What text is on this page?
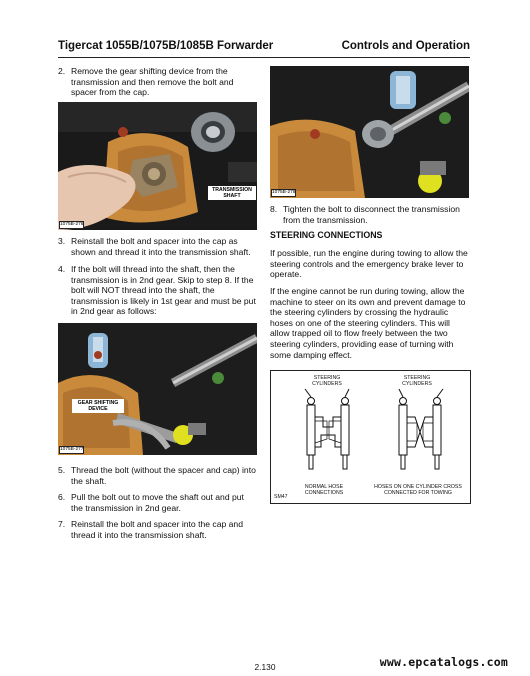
Tigercat 1055B/1075B/1085B Forwarder	Controls and Operation
2. Remove the gear shifting device from the transmission and then remove the bolt and spacer from the cap.
TRANSMISSION
SHAFT
1075B-276
3. Reinstall the bolt and spacer into the cap as shown and thread it into the transmission shaft.
4. If the bolt will thread into the shaft, then the transmission is in 2nd gear. Skip to step 8. If the bolt will NOT thread into the shaft, the transmission is likely in 1st gear and must be put in 2nd gear as follows:
GEAR SHIFTING
DEVICE
1075B-277
5. Thread the bolt (without the spacer and cap) into the shaft.
6. Pull the bolt out to move the shaft out and put the transmission in 2nd gear.
7. Reinstall the bolt and spacer into the cap and thread it into the transmission shaft.
1075B-278
8. Tighten the bolt to disconnect the transmission from the transmission.
STEERING CONNECTIONS
If possible, run the engine during towing to allow the steering controls and the emergency brake lever to operate.
If the engine cannot be run during towing, allow the machine to steer on its own and prevent damage to the steering cylinders by crossing the hydraulic hoses on one of the steering cylinders. This will allow trapped oil to flow freely between the two steering cylinders, providing ease of turning with some damping effect.
STEERING
CYLINDERS
STEERING
CYLINDERS
NORMAL HOSE
CONNECTIONS
HOSES ON ONE CYLINDER CROSS
CONNECTED FOR TOWING
SM47
2.130	www.epcatalogs.com
